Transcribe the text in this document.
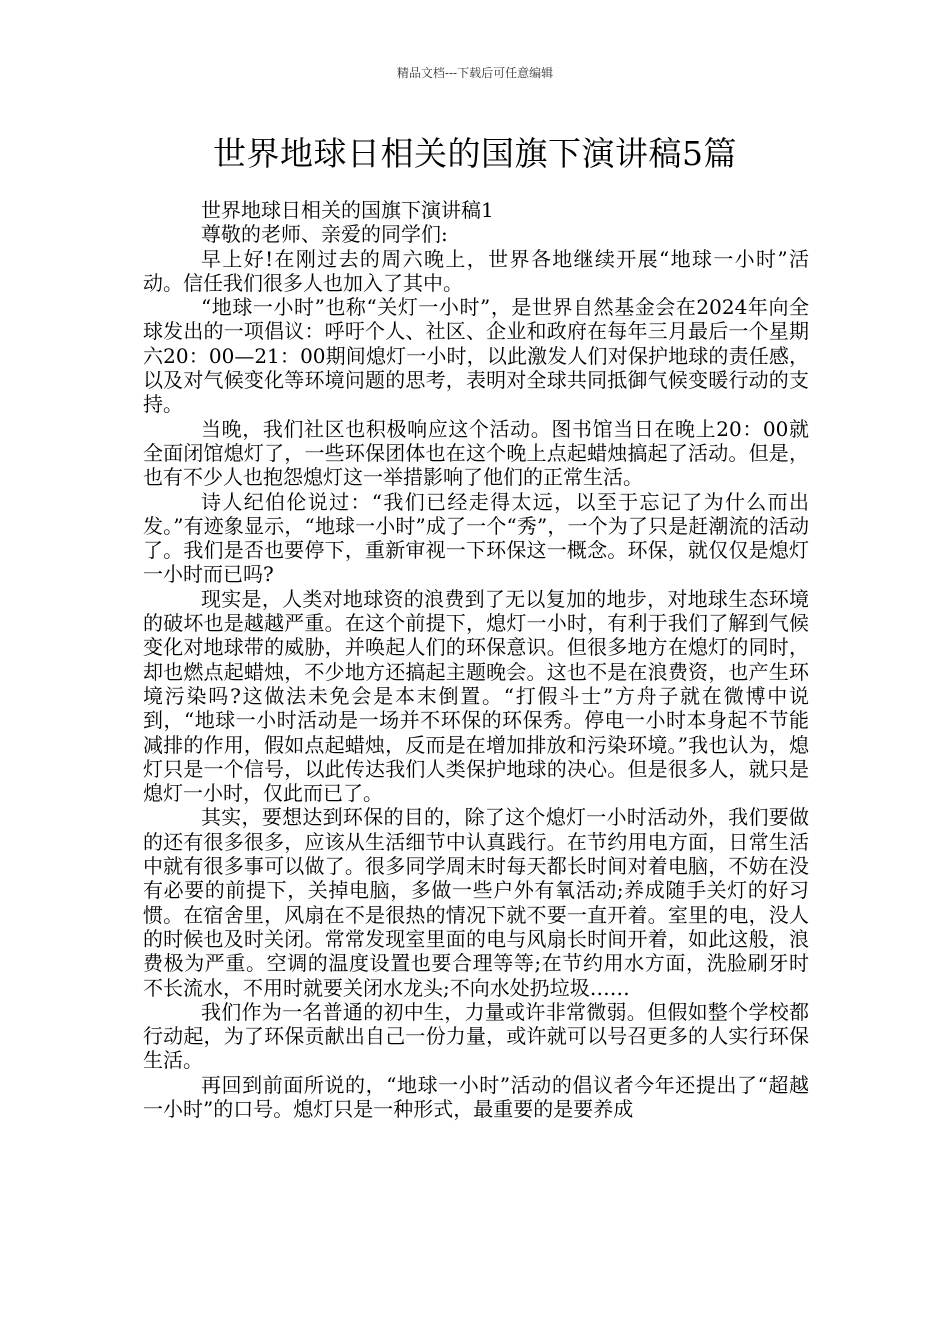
精品文档---下载后可任意编辑
世界地球日相关的国旗下演讲稿5篇

世界地球日相关的国旗下演讲稿1

尊敬的老师、亲爱的同学们:

早上好!在刚过去的周六晚上，世界各地继续开展“地球一小时”活动。信任我们很多人也加入了其中。

“地球一小时”也称“关灯一小时”，是世界自然基金会在2024年向全球发出的一项倡议：呼吁个人、社区、企业和政府在每年三月最后一个星期六20：00—21：00期间熄灯一小时，以此激发人们对保护地球的责任感，以及对气候变化等环境问题的思考，表明对全球共同抵御气候变暖行动的支持。

当晚，我们社区也积极响应这个活动。图书馆当日在晚上20：00就全面闭馆熄灯了，一些环保团体也在这个晚上点起蜡烛搞起了活动。但是，也有不少人也抱怨熄灯这一举措影响了他们的正常生活。

诗人纪伯伦说过：“我们已经走得太远，以至于忘记了为什么而出发。”有迹象显示，“地球一小时”成了一个“秀”，一个为了只是赶潮流的活动了。我们是否也要停下，重新审视一下环保这一概念。环保，就仅仅是熄灯一小时而已吗?

现实是，人类对地球资的浪费到了无以复加的地步，对地球生态环境的破坏也是越越严重。在这个前提下，熄灯一小时，有利于我们了解到气候变化对地球带的威胁，并唤起人们的环保意识。但很多地方在熄灯的同时，却也燃点起蜡烛，不少地方还搞起主题晚会。这也不是在浪费资，也产生环境污染吗?这做法未免会是本末倒置。“打假斗士”方舟子就在微博中说到，“地球一小时活动是一场并不环保的环保秀。停电一小时本身起不节能减排的作用，假如点起蜡烛，反而是在增加排放和污染环境。”我也认为，熄灯只是一个信号，以此传达我们人类保护地球的决心。但是很多人，就只是熄灯一小时，仅此而已了。

其实，要想达到环保的目的，除了这个熄灯一小时活动外，我们要做的还有很多很多，应该从生活细节中认真践行。在节约用电方面，日常生活中就有很多事可以做了。很多同学周末时每天都长时间对着电脑，不妨在没有必要的前提下，关掉电脑，多做一些户外有氧活动;养成随手关灯的好习惯。在宿舍里，风扇在不是很热的情况下就不要一直开着。室里的电，没人的时候也及时关闭。常常发现室里面的电与风扇长时间开着，如此这般，浪费极为严重。空调的温度设置也要合理等等;在节约用水方面，洗脸刷牙时不长流水，不用时就要关闭水龙头;不向水处扔垃圾……

我们作为一名普通的初中生，力量或许非常微弱。但假如整个学校都行动起，为了环保贡献出自己一份力量，或许就可以号召更多的人实行环保生活。

再回到前面所说的，“地球一小时”活动的倡议者今年还提出了“超越一小时”的口号。熄灯只是一种形式，最重要的是要养成
